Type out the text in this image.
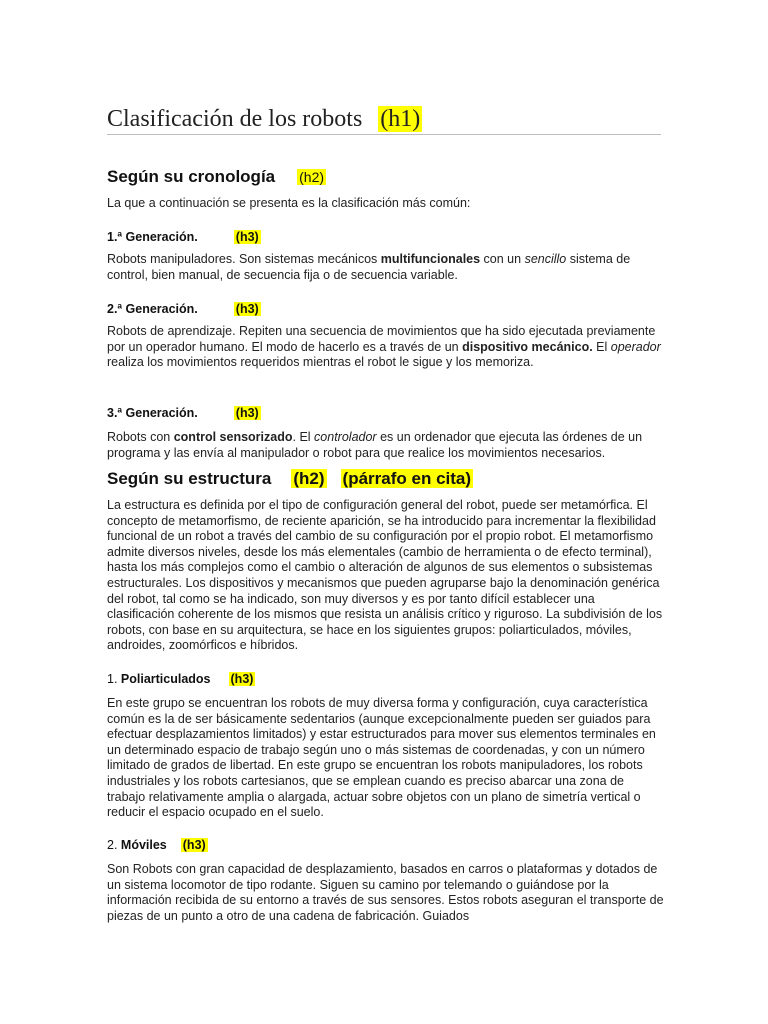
Clasificación de los robots (h1)
Según su cronología (h2)
La que a continuación se presenta es la clasificación más común:
1.ª Generación.	(h3)
Robots manipuladores. Son sistemas mecánicos multifuncionales con un sencillo sistema de control, bien manual, de secuencia fija o de secuencia variable.
2.ª Generación.	(h3)
Robots de aprendizaje. Repiten una secuencia de movimientos que ha sido ejecutada previamente por un operador humano. El modo de hacerlo es a través de un dispositivo mecánico. El operador realiza los movimientos requeridos mientras el robot le sigue y los memoriza.
3.ª Generación.	(h3)
Robots con control sensorizado. El controlador es un ordenador que ejecuta las órdenes de un programa y las envía al manipulador o robot para que realice los movimientos necesarios.
Según su estructura (h2) (párrafo en cita)
La estructura es definida por el tipo de configuración general del robot, puede ser metamórfica. El concepto de metamorfismo, de reciente aparición, se ha introducido para incrementar la flexibilidad funcional de un robot a través del cambio de su configuración por el propio robot. El metamorfismo admite diversos niveles, desde los más elementales (cambio de herramienta o de efecto terminal), hasta los más complejos como el cambio o alteración de algunos de sus elementos o subsistemas estructurales. Los dispositivos y mecanismos que pueden agruparse bajo la denominación genérica del robot, tal como se ha indicado, son muy diversos y es por tanto difícil establecer una clasificación coherente de los mismos que resista un análisis crítico y riguroso. La subdivisión de los robots, con base en su arquitectura, se hace en los siguientes grupos: poliarticulados, móviles, androides, zoomórficos e híbridos.
1. Poliarticulados (h3)
En este grupo se encuentran los robots de muy diversa forma y configuración, cuya característica común es la de ser básicamente sedentarios (aunque excepcionalmente pueden ser guiados para efectuar desplazamientos limitados) y estar estructurados para mover sus elementos terminales en un determinado espacio de trabajo según uno o más sistemas de coordenadas, y con un número limitado de grados de libertad. En este grupo se encuentran los robots manipuladores, los robots industriales y los robots cartesianos, que se emplean cuando es preciso abarcar una zona de trabajo relativamente amplia o alargada, actuar sobre objetos con un plano de simetría vertical o reducir el espacio ocupado en el suelo.
2. Móviles (h3)
Son Robots con gran capacidad de desplazamiento, basados en carros o plataformas y dotados de un sistema locomotor de tipo rodante. Siguen su camino por telemando o guiándose por la información recibida de su entorno a través de sus sensores. Estos robots aseguran el transporte de piezas de un punto a otro de una cadena de fabricación. Guiados
